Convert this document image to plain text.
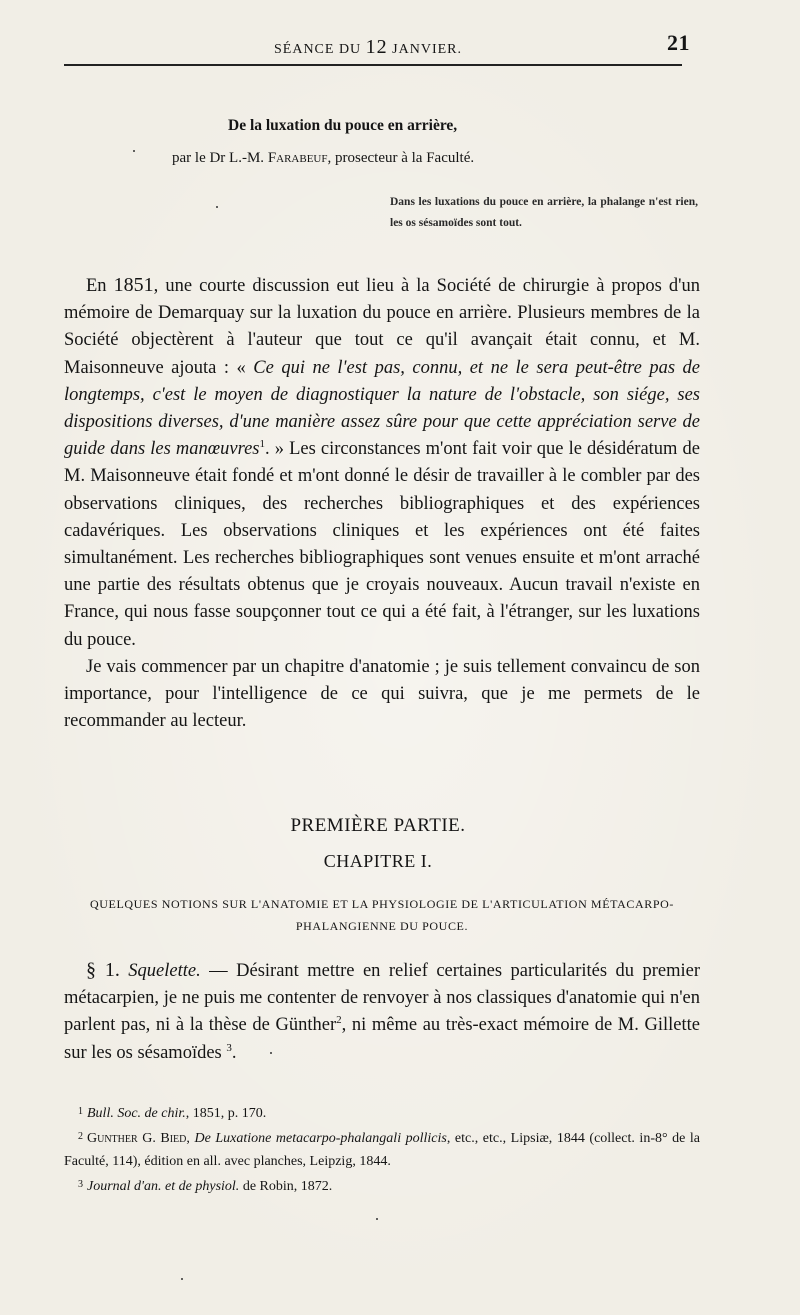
SÉANCE DU 12 JANVIER.	21
De la luxation du pouce en arrière,
par le Dr L.-M. Farabeuf, prosecteur à la Faculté.
Dans les luxations du pouce en arrière, la phalange n'est rien, les os sésamoïdes sont tout.

En 1851, une courte discussion eut lieu à la Société de chirurgie à propos d'un mémoire de Demarquay sur la luxation du pouce en arrière. Plusieurs membres de la Société objectèrent à l'auteur que tout ce qu'il avançait était connu, et M. Maisonneuve ajouta : « Ce qui ne l'est pas, connu, et ne le sera peut-être pas de longtemps, c'est le moyen de diagnostiquer la nature de l'obstacle, son siége, ses dispositions diverses, d'une manière assez sûre pour que cette appréciation serve de guide dans les manœuvres$^1$. » Les circonstances m'ont fait voir que le désidératum de M. Maisonneuve était fondé et m'ont donné le désir de travailler à le combler par des observations cliniques, des recherches bibliographiques et des expériences cadavériques. Les observations cliniques et les expériences ont été faites simultanément. Les recherches bibliographiques sont venues ensuite et m'ont arraché une partie des résultats obtenus que je croyais nouveaux. Aucun travail n'existe en France, qui nous fasse soupçonner tout ce qui a été fait, à l'étranger, sur les luxations du pouce.

Je vais commencer par un chapitre d'anatomie ; je suis tellement convaincu de son importance, pour l'intelligence de ce qui suivra, que je me permets de le recommander au lecteur.

PREMIÈRE PARTIE.
CHAPITRE I.
QUELQUES NOTIONS SUR L'ANATOMIE ET LA PHYSIOLOGIE DE L'ARTICULATION MÉTACARPO-PHALANGIENNE DU POUCE.

§ 1. Squelette. — Désirant mettre en relief certaines particularités du premier métacarpien, je ne puis me contenter de renvoyer à nos classiques d'anatomie qui n'en parlent pas, ni à la thèse de Günther$^2$, ni même au très-exact mémoire de M. Gillette sur les os sésamoïdes $^3$.

$^1$ Bull. Soc. de chir., 1851, p. 170.

$^2$ Gunther G. Bied, De Luxatione metacarpo-phalangali pollicis, etc., etc., Lipsiæ, 1844 (collect. in-8° de la Faculté, 114), édition en all. avec planches, Leipzig, 1844.

$^3$ Journal d'an. et de physiol. de Robin, 1872.
